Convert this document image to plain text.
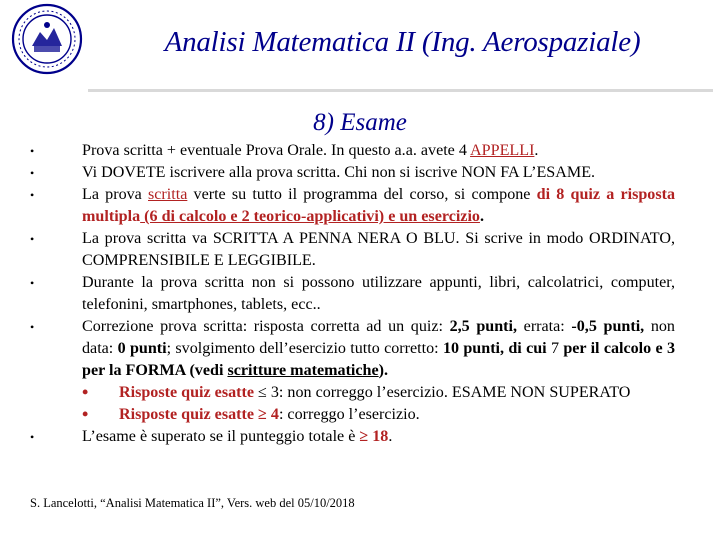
Analisi Matematica II (Ing. Aerospaziale)
8) Esame
•	Prova scritta + eventuale Prova Orale. In questo a.a. avete 4 APPELLI.
•	Vi DOVETE iscrivere alla prova scritta. Chi non si iscrive NON FA L’ESAME.
•	La prova scritta verte su tutto il programma del corso, si compone di 8 quiz a risposta multipla (6 di calcolo e 2 teorico-applicativi) e un esercizio.
•	La prova scritta va SCRITTA A PENNA NERA O BLU. Si scrive in modo ORDINATO, COMPRENSIBILE E LEGGIBILE.
•	Durante la prova scritta non si possono utilizzare appunti, libri, calcolatrici, computer, telefonini, smartphones, tablets, ecc..
•	Correzione prova scritta: risposta corretta ad un quiz: 2,5 punti, errata: -0,5 punti, non data: 0 punti; svolgimento dell’esercizio tutto corretto: 10 punti, di cui 7 per il calcolo e 3 per la FORMA (vedi scritture matematiche).
• Risposte quiz esatte ≤ 3: non correggo l’esercizio. ESAME NON SUPERATO
• Risposte quiz esatte ≥ 4: correggo l’esercizio.
•	L’esame è superato se il punteggio totale è ≥ 18.
S. Lancelotti, “Analisi Matematica II”, Vers. web del 05/10/2018
